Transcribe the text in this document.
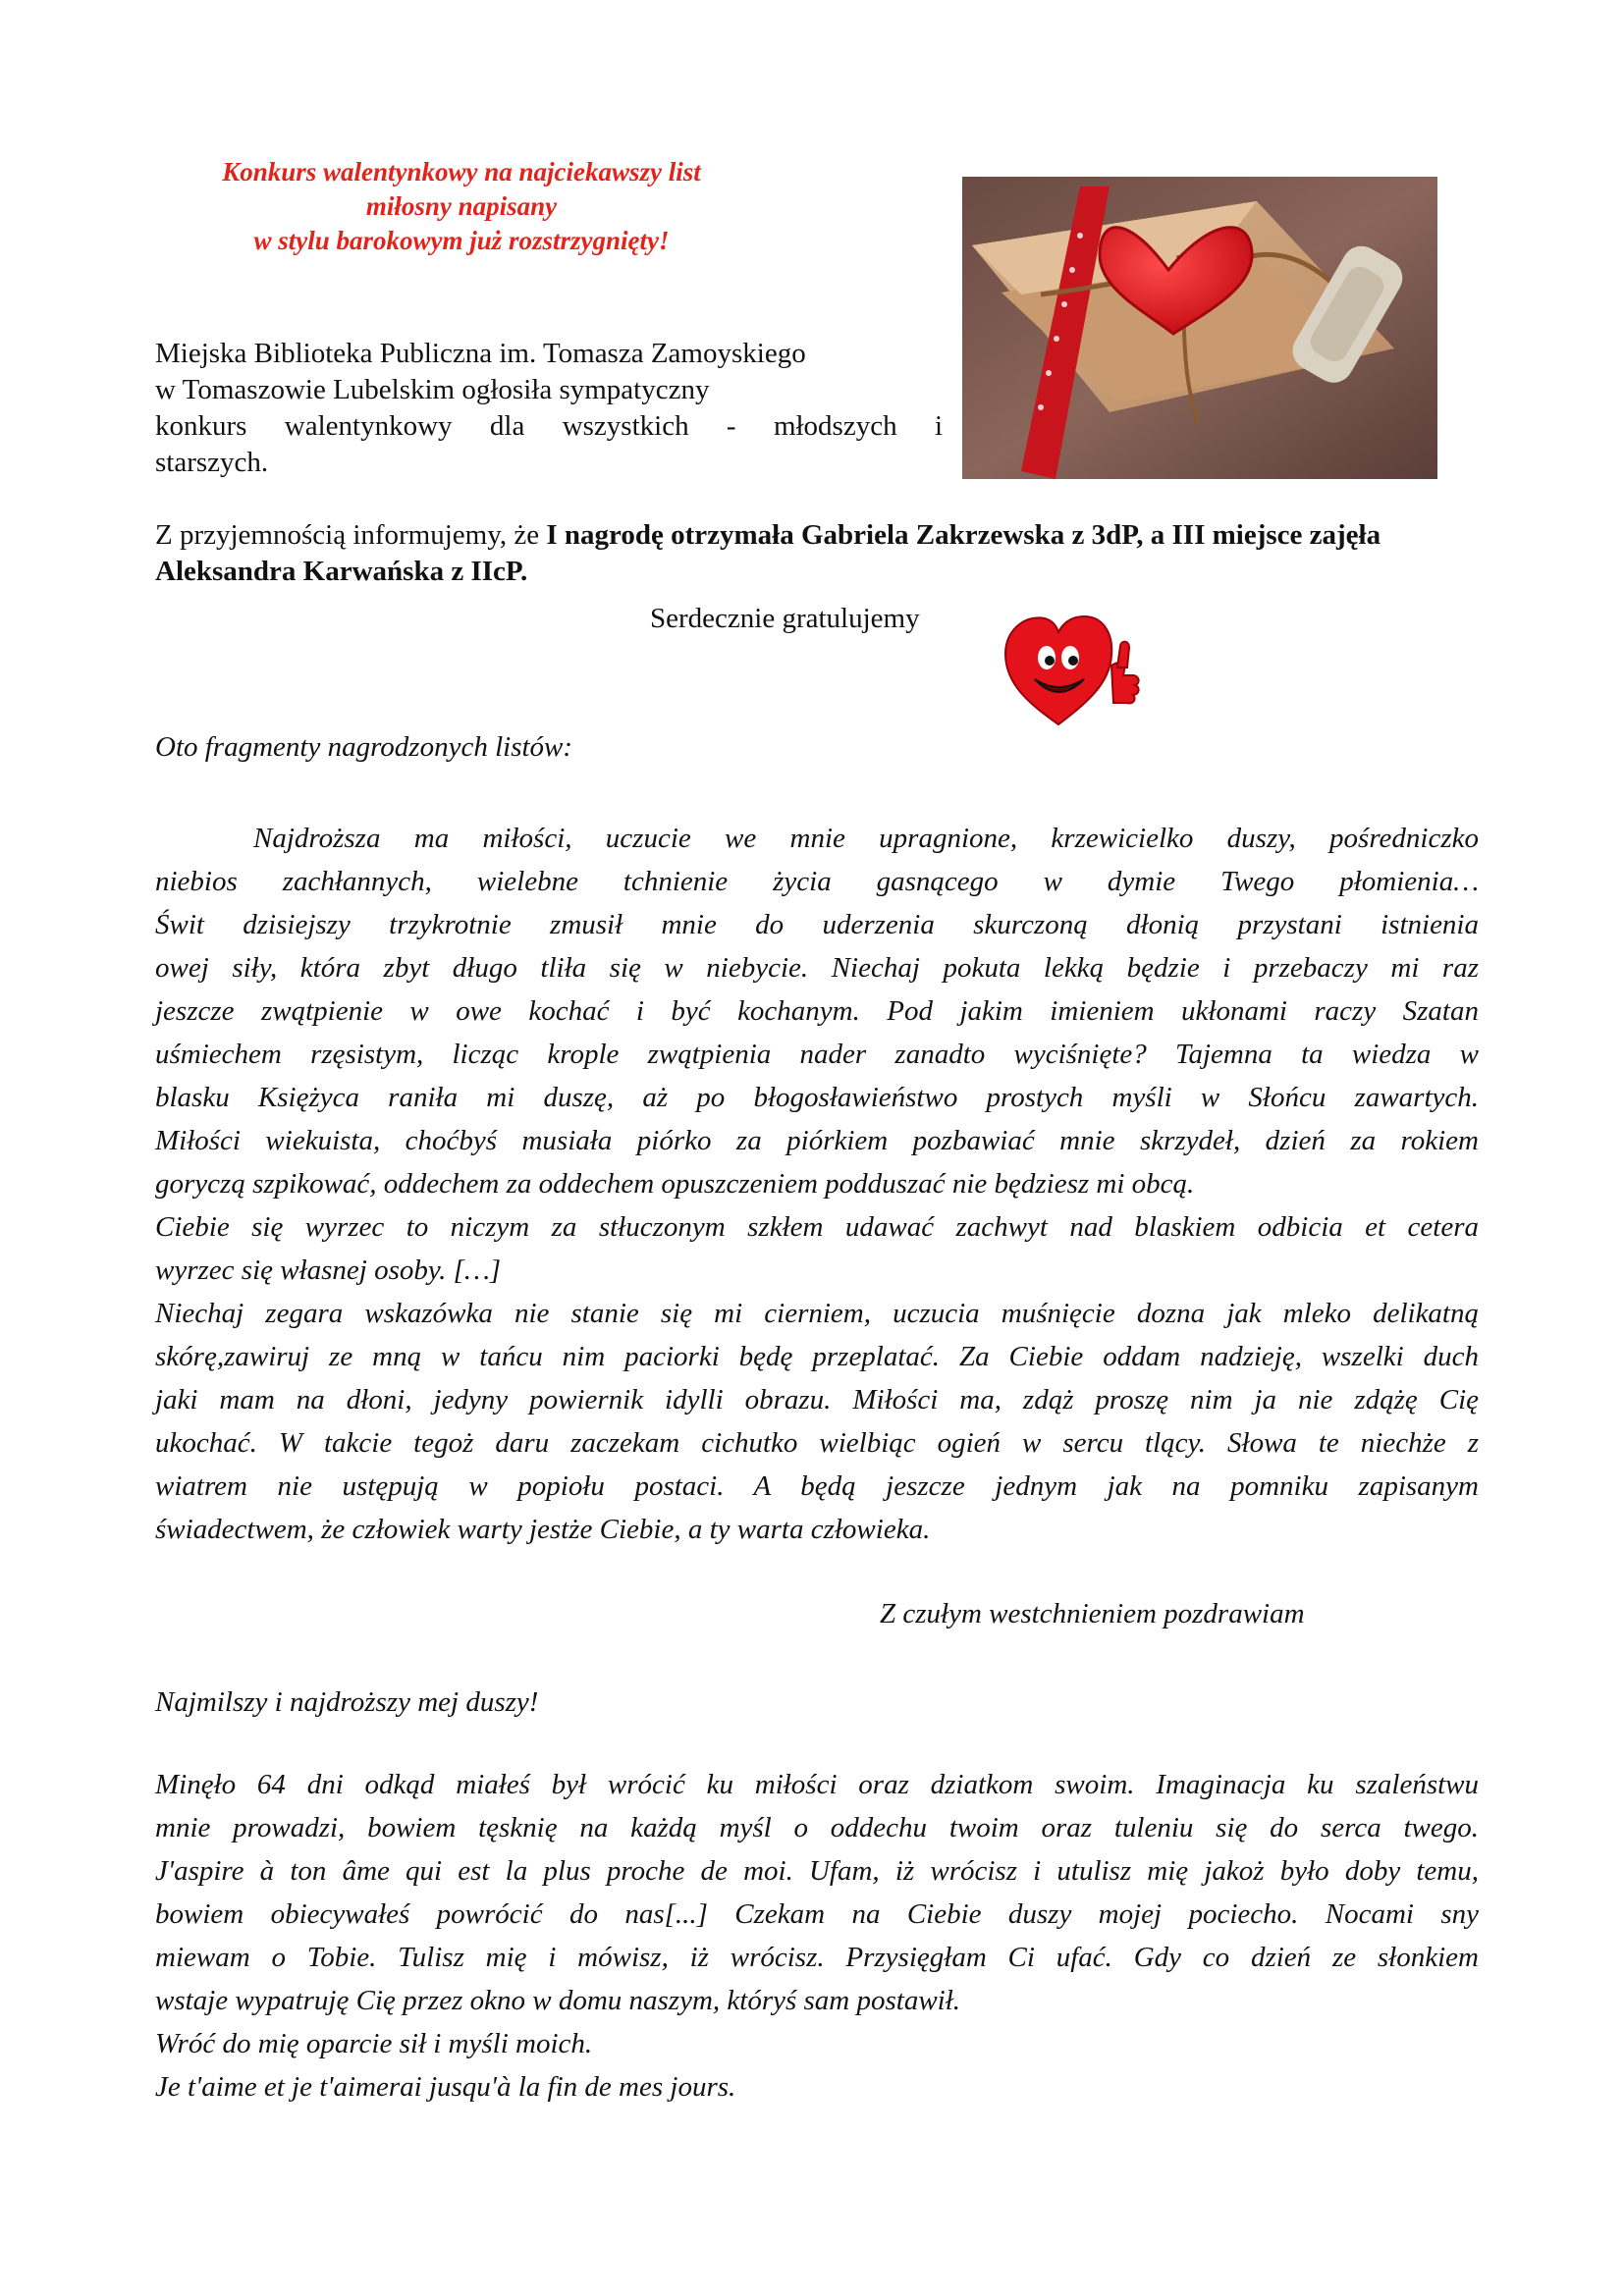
Konkurs walentynkowy na najciekawszy list
miłosny napisany
w stylu barokowym już rozstrzygnięty!
Miejska Biblioteka Publiczna im. Tomasza Zamoyskiego
w Tomaszowie Lubelskim ogłosiła sympatyczny
konkurs walentynkowy dla wszystkich - młodszych i
starszych.
Z przyjemnością informujemy, że I nagrodę otrzymała Gabriela Zakrzewska z 3dP, a III miejsce zajęła Aleksandra Karwańska z IIcP.
Serdecznie gratulujemy
Oto fragmenty nagrodzonych listów:
Najdroższa ma miłości, uczucie we mnie upragnione, krzewicielko duszy, pośredniczko
niebios zachłannych, wielebne tchnienie życia gasnącego w dymie Twego płomienia…
Świt dzisiejszy trzykrotnie zmusił mnie do uderzenia skurczoną dłonią przystani istnienia
owej siły, która zbyt długo tliła się w niebycie. Niechaj pokuta lekką będzie i przebaczy mi raz
jeszcze zwątpienie w owe kochać i być kochanym. Pod jakim imieniem ukłonami raczy Szatan
uśmiechem rzęsistym, licząc krople zwątpienia nader zanadto wyciśnięte? Tajemna ta wiedza w
blasku Księżyca raniła mi duszę, aż po błogosławieństwo prostych myśli w Słońcu zawartych.
Miłości wiekuista, choćbyś musiała piórko za piórkiem pozbawiać mnie skrzydeł, dzień za rokiem
goryczą szpikować, oddechem za oddechem opuszczeniem podduszać nie będziesz mi obcą.
Ciebie się wyrzec to niczym za stłuczonym szkłem udawać zachwyt nad blaskiem odbicia et cetera
wyrzec się własnej osoby. […]
Niechaj zegara wskazówka nie stanie się mi cierniem, uczucia muśnięcie dozna jak mleko delikatną
skórę,zawiruj ze mną w tańcu nim paciorki będę przeplatać. Za Ciebie oddam nadzieję, wszelki duch
jaki mam na dłoni, jedyny powiernik idylli obrazu. Miłości ma, zdąż proszę nim ja nie zdążę Cię
ukochać. W takcie tegoż daru zaczekam cichutko wielbiąc ogień w sercu tlący. Słowa te niechże z
wiatrem nie ustępują w popiołu postaci. A będą jeszcze jednym jak na pomniku zapisanym
świadectwem, że człowiek warty jestże Ciebie, a ty warta człowieka.
Z czułym westchnieniem pozdrawiam
Najmilszy i najdroższy mej duszy!
Minęło 64 dni odkąd miałeś był wrócić ku miłości oraz dziatkom swoim. Imaginacja ku szaleństwu
mnie prowadzi, bowiem tęsknię na każdą myśl o oddechu twoim oraz tuleniu się do serca twego.
J'aspire à ton âme qui est la plus proche de moi. Ufam, iż wrócisz i utulisz mię jakoż było doby temu,
bowiem obiecywałeś powrócić do nas[...] Czekam na Ciebie duszy mojej pociecho. Nocami sny
miewam o Tobie. Tulisz mię i mówisz, iż wrócisz. Przysięgłam Ci ufać. Gdy co dzień ze słonkiem
wstaje wypatruję Cię przez okno w domu naszym, któryś sam postawił.
Wróć do mię oparcie sił i myśli moich.
Je t'aime et je t'aimerai jusqu'à la fin de mes jours.
